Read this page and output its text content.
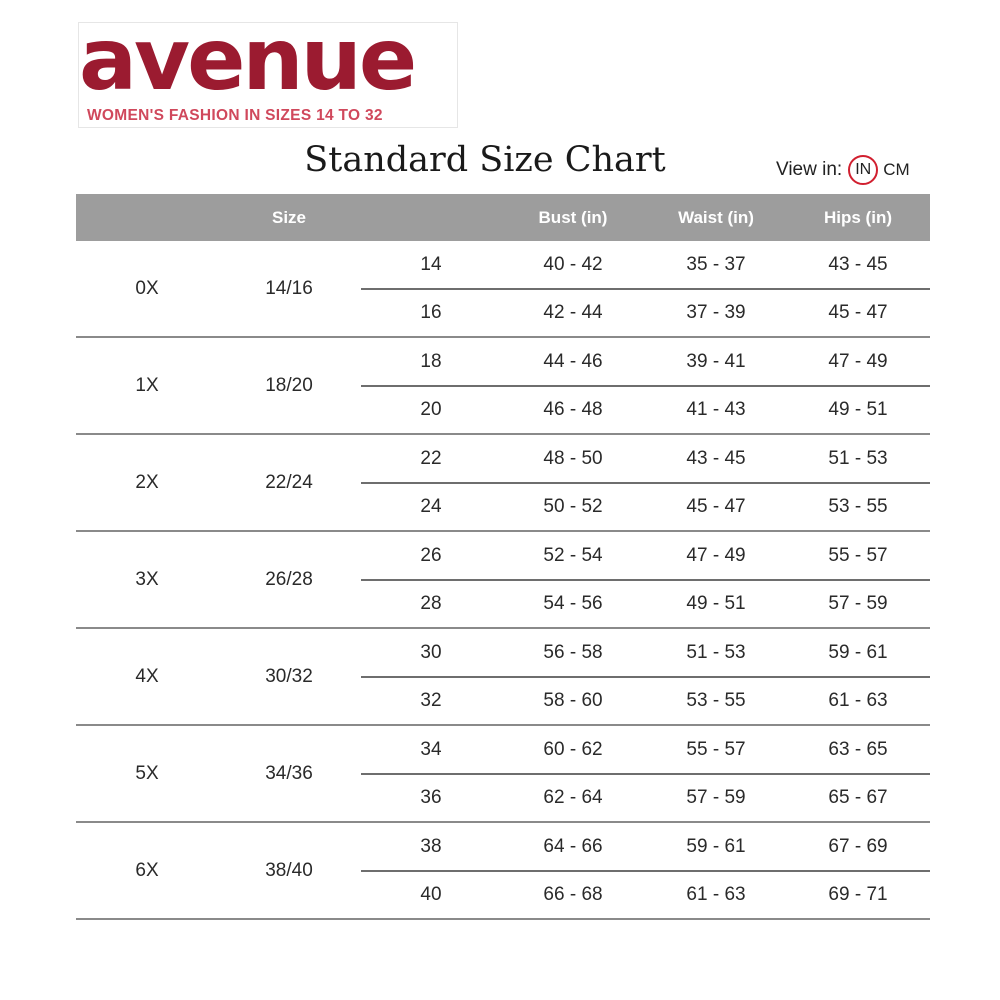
avenue
WOMEN'S FASHION IN SIZES 14 TO 32
Standard Size Chart	View in: IN CM
Size	Bust (in)	Waist (in)	Hips (in)
0X	14/16
14	40 - 42	35 - 37	43 - 45
16	42 - 44	37 - 39	45 - 47
1X	18/20
18	44 - 46	39 - 41	47 - 49
20	46 - 48	41 - 43	49 - 51
2X	22/24
22	48 - 50	43 - 45	51 - 53
24	50 - 52	45 - 47	53 - 55
3X	26/28
26	52 - 54	47 - 49	55 - 57
28	54 - 56	49 - 51	57 - 59
4X	30/32
30	56 - 58	51 - 53	59 - 61
32	58 - 60	53 - 55	61 - 63
5X	34/36
34	60 - 62	55 - 57	63 - 65
36	62 - 64	57 - 59	65 - 67
6X	38/40
38	64 - 66	59 - 61	67 - 69
40	66 - 68	61 - 63	69 - 71
